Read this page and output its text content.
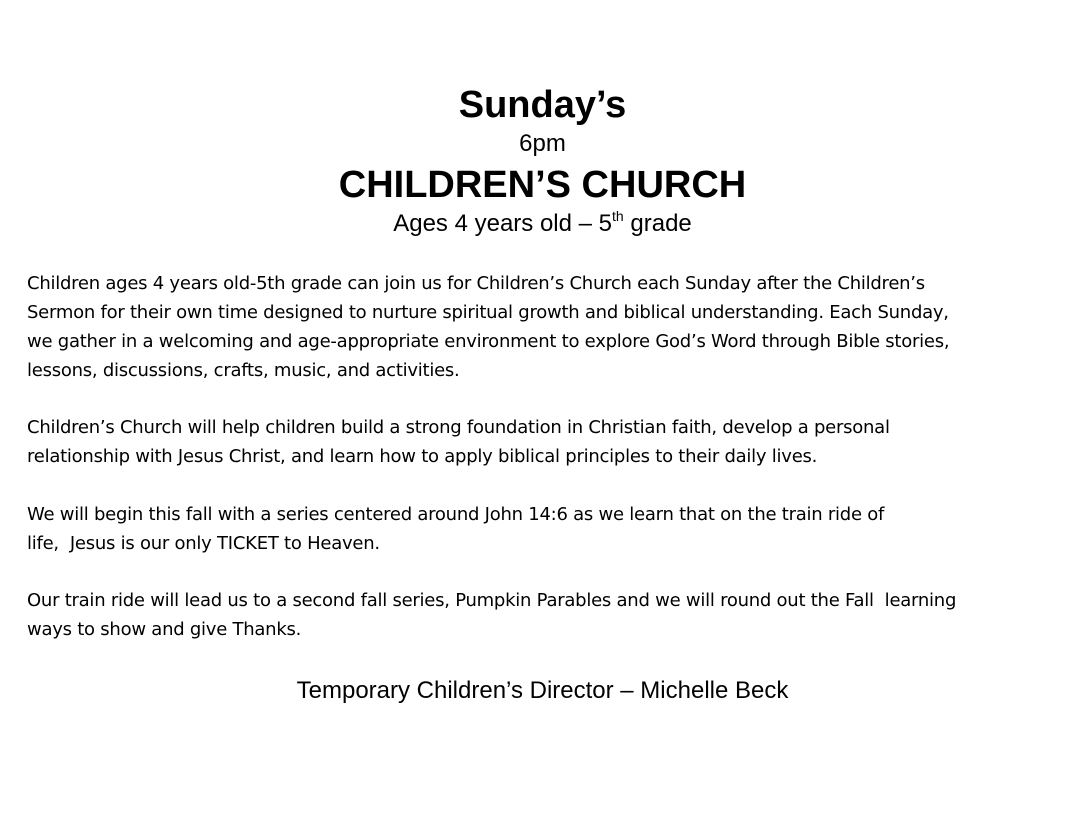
Sunday’s
6pm
CHILDREN’S CHURCH
Ages 4 years old – 5th grade
Children ages 4 years old-5th grade can join us for Children’s Church each Sunday after the Children’s
Sermon for their own time designed to nurture spiritual growth and biblical understanding. Each Sunday,
we gather in a welcoming and age-appropriate environment to explore God’s Word through Bible stories,
lessons, discussions, crafts, music, and activities.
Children’s Church will help children build a strong foundation in Christian faith, develop a personal
relationship with Jesus Christ, and learn how to apply biblical principles to their daily lives.
We will begin this fall with a series centered around John 14:6 as we learn that on the train ride of
life,  Jesus is our only TICKET to Heaven.
Our train ride will lead us to a second fall series, Pumpkin Parables and we will round out the Fall  learning
ways to show and give Thanks.
Temporary Children’s Director – Michelle Beck
